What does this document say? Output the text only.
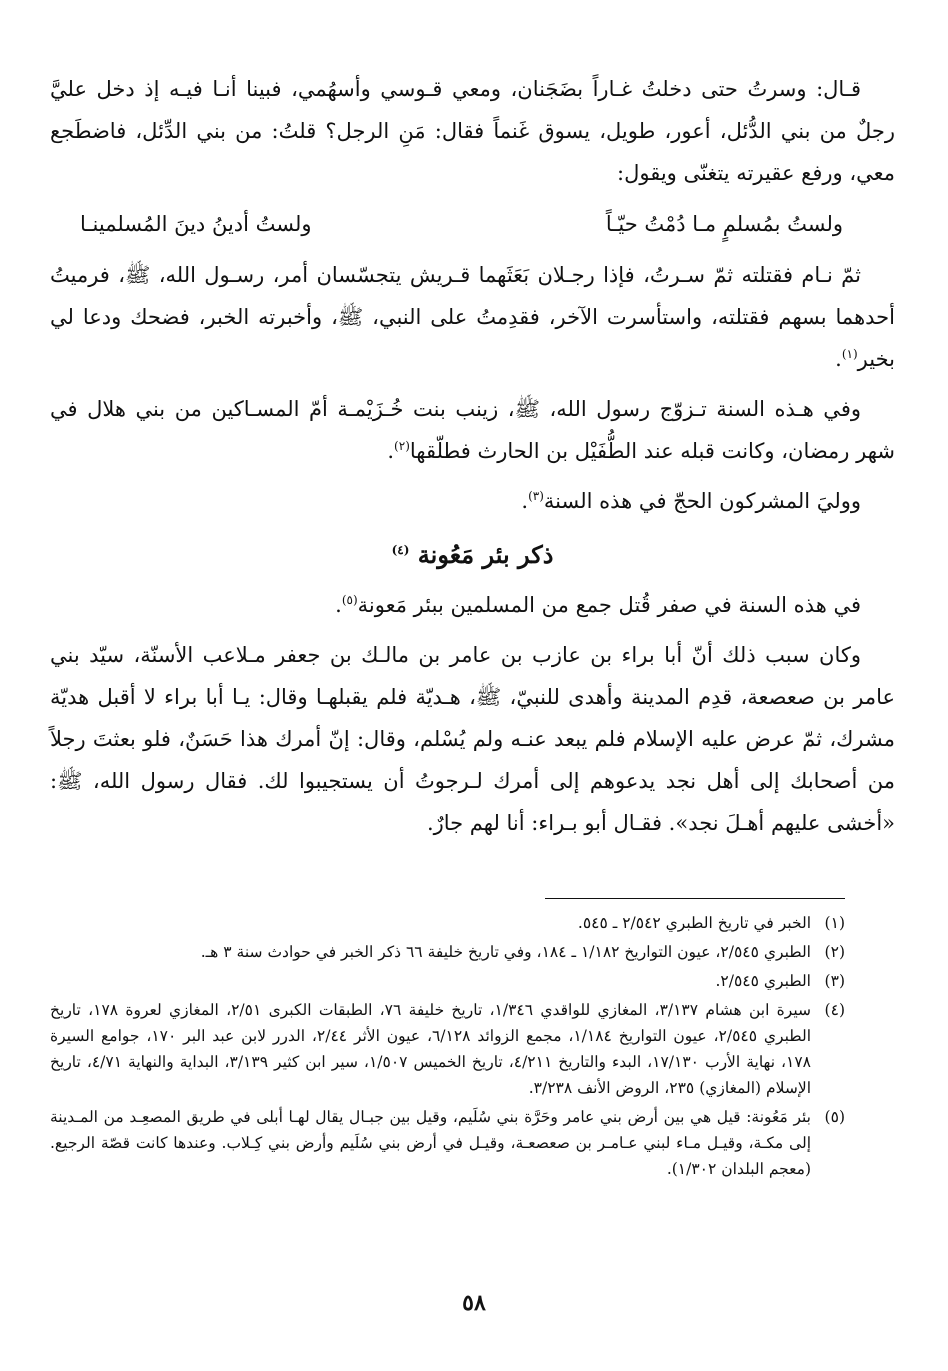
قـال: وسرتُ حتى دخلتُ غـاراً بضَجَنان، ومعي قـوسي وأسهُمي، فبينا أنـا فيـه إذ دخل عليَّ رجلٌ من بني الدُّئل، أعور، طويل، يسوق غَنماً فقال: مَنِ الرجل؟ قلتُ: من بني الدِّئل، فاضطَجع معي، ورفع عقيرته يتغنّى ويقول:

ولستُ بمُسلمٍ مـا دُمْتُ حيّـاً
ولستُ أدينُ دينَ المُسلمينـا

ثمّ نـام فقتلته ثمّ سـرتُ، فإذا رجـلان بَعَثَهما قـريش يتجسّسان أمر، رسـول الله، ﷺ، فرميتُ أحدهما بسهم فقتلته، واستأسرت الآخر، فقدِمتُ على النبي، ﷺ، وأخبرته الخبر، فضحك ودعا لي بخير$^{(١)}$.

وفي هـذه السنة تـزوّج رسول الله، ﷺ، زينب بنت خُـزَيْمـة أمّ المسـاكين من بني هلال في شهر رمضان، وكانت قبله عند الطُّفَيْل بن الحارث فطلّقها$^{(٢)}$.

ووليَ المشركون الحجّ في هذه السنة$^{(٣)}$.

ذكر بئر مَعُونة $^{(٤)}$

في هذه السنة في صفر قُتل جمع من المسلمين ببئر مَعونة$^{(٥)}$.

وكان سبب ذلك أنّ أبا براء بن عازب بن عامر بن مالـك بن جعفر مـلاعب الأسنّة، سيّد بني عامر بن صعصعة، قدِم المدينة وأهدى للنبيّ، ﷺ، هـديّة فلم يقبلهـا وقال: يـا أبا براء لا أقبل هديّة مشرك، ثمّ عرض عليه الإسلام فلم يبعد عنـه ولم يُسْلم، وقال: إنّ أمرك هذا حَسَنٌ، فلو بعثتَ رجلاً من أصحابك إلى أهل نجد يدعوهم إلى أمرك لـرجوتُ أن يستجيبوا لك. فقال رسول الله، ﷺ: «أخشى عليهم أهـلَ نجد». فقـال أبو بـراء: أنا لهم جارٌ.

(١)
الخبر في تاريخ الطبري ٢/٥٤٢ ـ ٥٤٥.
(٢)
الطبري ٢/٥٤٥، عيون التواريخ ١/١٨٢ ـ ١٨٤، وفي تاريخ خليفة ٦٦ ذكر الخبر في حوادث سنة ٣ هـ.
(٣)
الطبري ٢/٥٤٥.
(٤)
سيرة ابن هشام ٣/١٣٧، المغازي للواقدي ١/٣٤٦، تاريخ خليفة ٧٦، الطبقات الكبرى ٢/٥١، المغازي لعروة ١٧٨، تاريخ الطبري ٢/٥٤٥، عيون التواريخ ١/١٨٤، مجمع الزوائد ٦/١٢٨، عيون الأثر ٢/٤٤، الدرر لابن عبد البر ١٧٠، جوامع السيرة ١٧٨، نهاية الأرب ١٧/١٣٠، البدء والتاريخ ٤/٢١١، تاريخ الخميس ١/٥٠٧، سير ابن كثير ٣/١٣٩، البداية والنهاية ٤/٧١، تاريخ الإسلام (المغازي) ٢٣٥، الروض الأنف ٣/٢٣٨.
(٥)
بئر مَعُونة: قيل هي بين أرض بني عامر وحَرَّة بني سُلَيم، وقيل بين جبـال يقال لهـا أبلى في طريق المصعِـد من المـدينة إلى مكـة، وقيـل مـاء لبني عـامـر بن صعصعـة، وقيـل في أرض بني سُلَيم وأرض بني كِـلاب. وعندها كانت قصّة الرجيع. (معجم البلدان ١/٣٠٢).
٥٨
